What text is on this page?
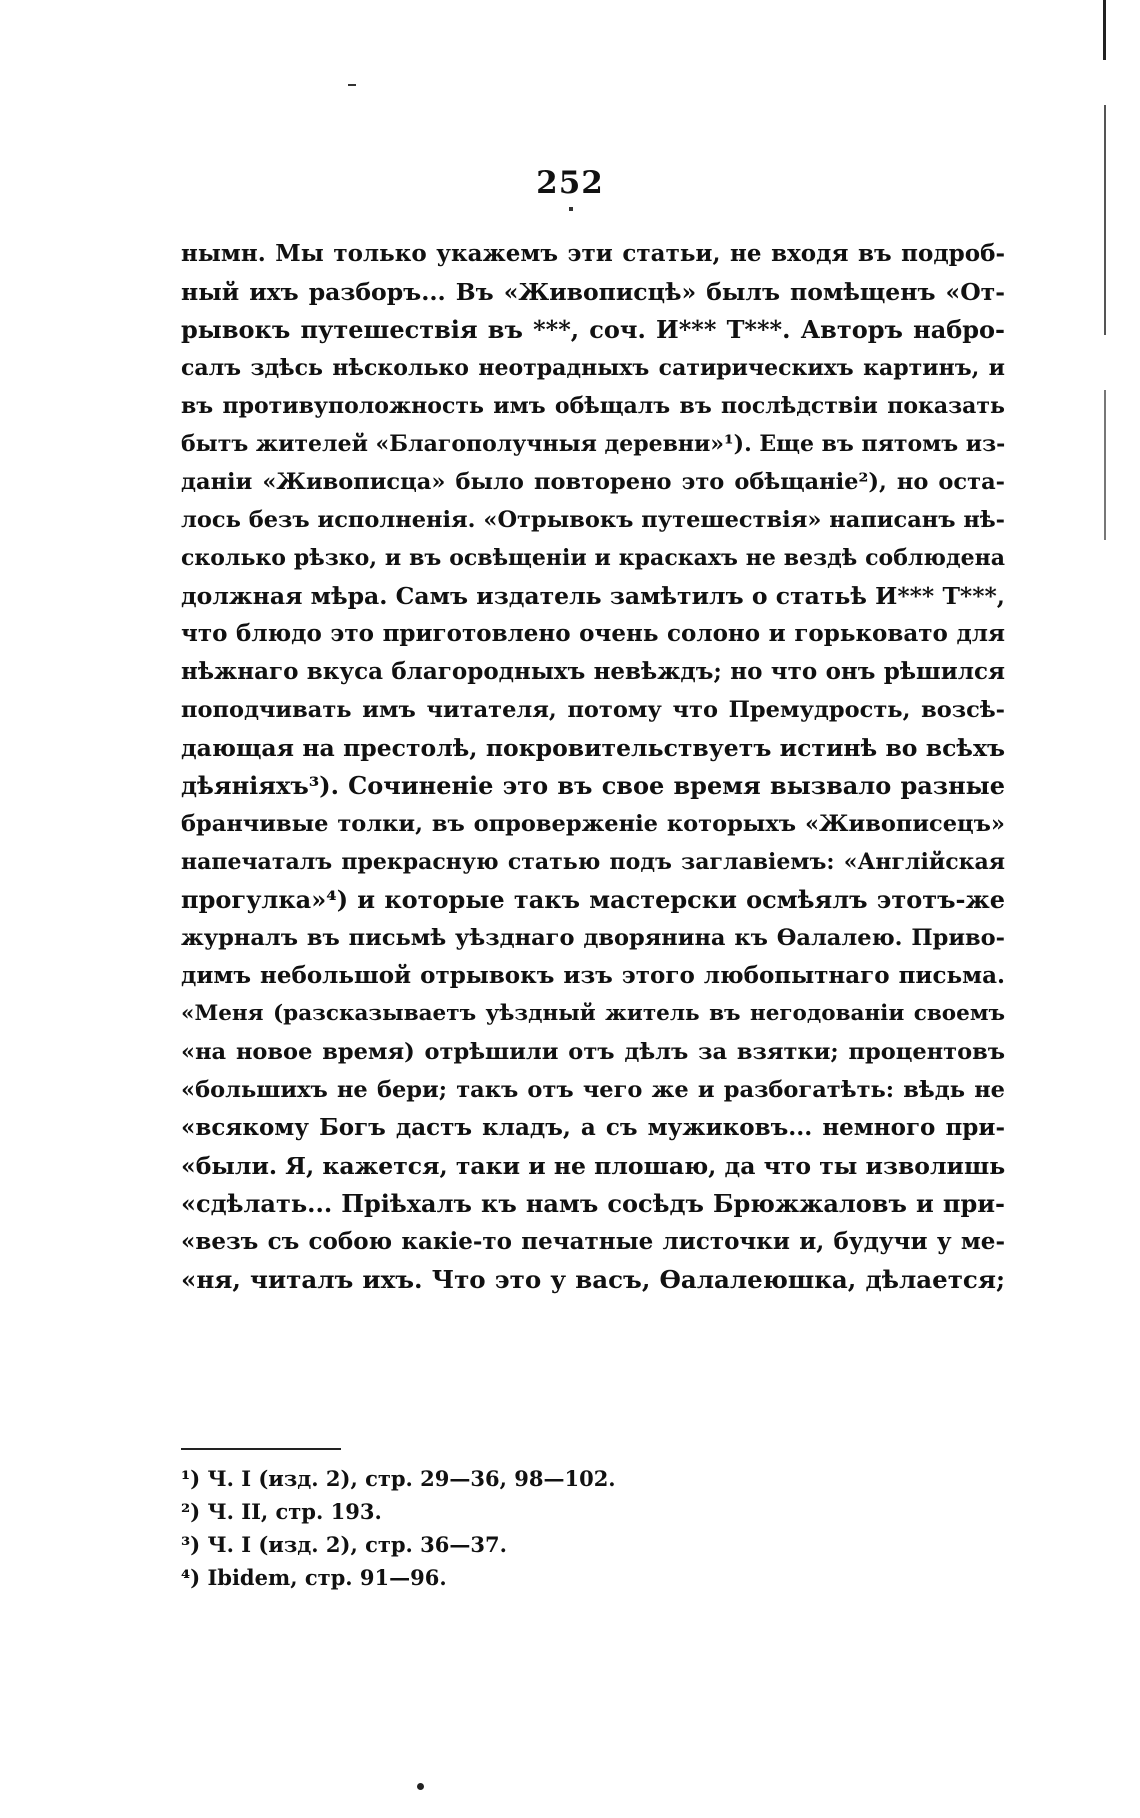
252
нымн. Мы только укажемъ эти статьи, не входя въ подроб-
ный ихъ разборъ... Въ «Живописцѣ» былъ помѣщенъ «От-
рывокъ путешествія въ ***, соч. И*** Т***. Авторъ набро-
салъ здѣсь нѣсколько неотрадныхъ сатирическихъ картинъ, и
въ противуположность имъ обѣщалъ въ послѣдствіи показать
бытъ жителей «Благополучныя деревни»¹). Еще въ пятомъ из-
даніи «Живописца» было повторено это обѣщаніе²), но оста-
лось безъ исполненія. «Отрывокъ путешествія» написанъ нѣ-
сколько рѣзко, и въ освѣщеніи и краскахъ не вездѣ соблюдена
должная мѣра. Самъ издатель замѣтилъ о статьѣ И*** Т***,
что блюдо это приготовлено очень солоно и горьковато для
нѣжнаго вкуса благородныхъ невѣждъ; но что онъ рѣшился
поподчивать имъ читателя, потому что Премудрость, возсѣ-
дающая на престолѣ, покровительствуетъ истинѣ во всѣхъ
дѣяніяхъ³). Сочиненіе это въ свое время вызвало разные
бранчивые толки, въ опроверженіе которыхъ «Живописецъ»
напечаталъ прекрасную статью подъ заглавіемъ: «Англійская
прогулка»⁴) и которые такъ мастерски осмѣялъ этотъ-же
журналъ въ письмѣ уѣзднаго дворянина къ Ѳалалею. Приво-
димъ небольшой отрывокъ изъ этого любопытнаго письма.
«Меня (разсказываетъ уѣздный житель въ негодованіи своемъ
«на новое время) отрѣшили отъ дѣлъ за взятки; процентовъ
«большихъ не бери; такъ отъ чего же и разбогатѣть: вѣдь не
«всякому Богъ дастъ кладъ, а съ мужиковъ... немного при-
«были. Я, кажется, таки и не плошаю, да что ты изволишь
«сдѣлать... Пріѣхалъ къ намъ сосѣдъ Брюжжаловъ и при-
«везъ съ собою какіе-то печатные листочки и, будучи у ме-
«ня, читалъ ихъ. Что это у васъ, Ѳалалеюшка, дѣлается;
¹) Ч. I (изд. 2), стр. 29—36, 98—102.
²) Ч. II, стр. 193.
³) Ч. I (изд. 2), стр. 36—37.
⁴) Ibidem, стр. 91—96.
